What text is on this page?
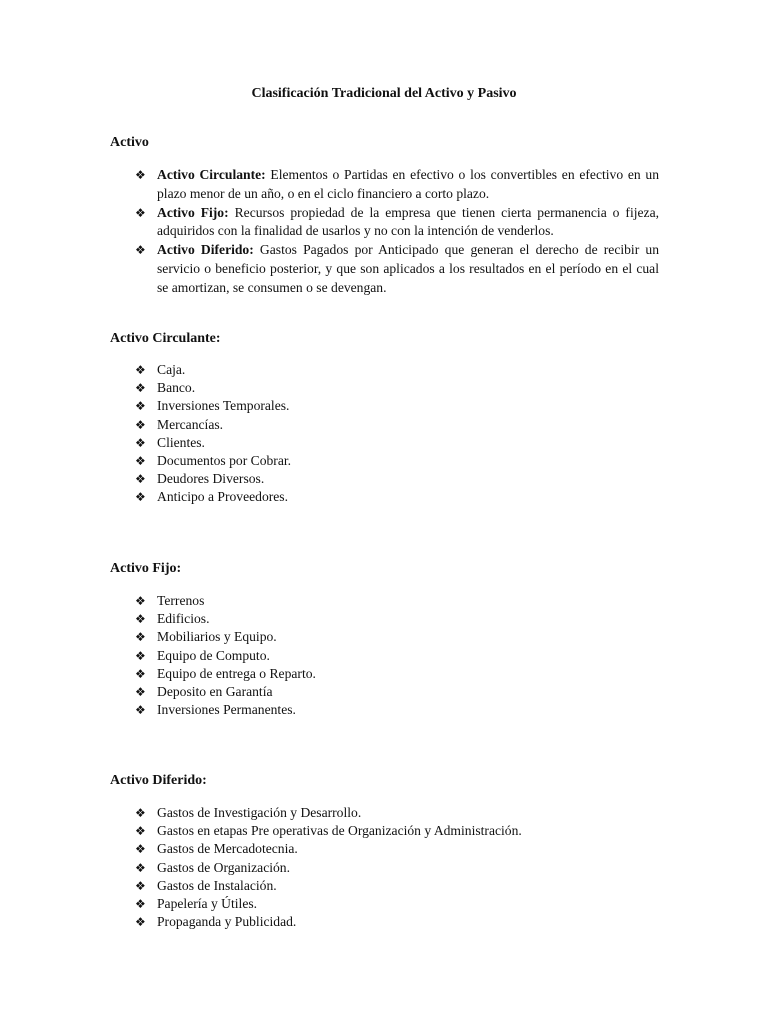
Clasificación Tradicional del Activo y Pasivo
Activo
❖ Activo Circulante: Elementos o Partidas en efectivo o los convertibles en efectivo en un plazo menor de un año, o en el ciclo financiero a corto plazo.
❖ Activo Fijo: Recursos propiedad de la empresa que tienen cierta permanencia o fijeza, adquiridos con la finalidad de usarlos y no con la intención de venderlos.
❖ Activo Diferido: Gastos Pagados por Anticipado que generan el derecho de recibir un servicio o beneficio posterior, y que son aplicados a los resultados en el período en el cual se amortizan, se consumen o se devengan.
Activo Circulante:
❖ Caja.
❖ Banco.
❖ Inversiones Temporales.
❖ Mercancías.
❖ Clientes.
❖ Documentos por Cobrar.
❖ Deudores Diversos.
❖ Anticipo a Proveedores.
Activo Fijo:
❖ Terrenos
❖ Edificios.
❖ Mobiliarios y Equipo.
❖ Equipo de Computo.
❖ Equipo de entrega o Reparto.
❖ Deposito en Garantía
❖ Inversiones Permanentes.
Activo Diferido:
❖ Gastos de Investigación y Desarrollo.
❖ Gastos en etapas Pre operativas de Organización y Administración.
❖ Gastos de Mercadotecnia.
❖ Gastos de Organización.
❖ Gastos de Instalación.
❖ Papelería y Útiles.
❖ Propaganda y Publicidad.
